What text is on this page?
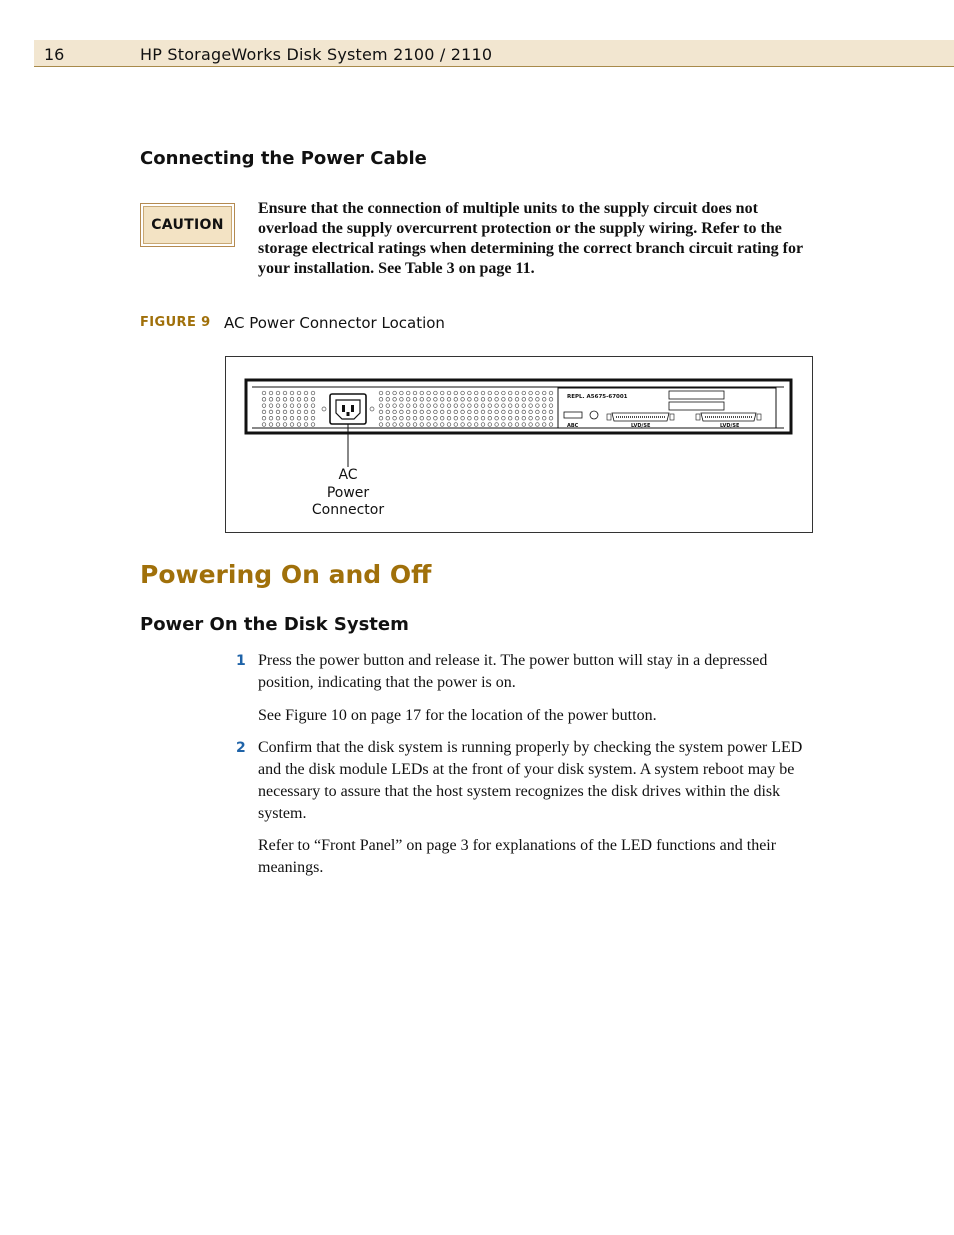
16	HP StorageWorks Disk System 2100 / 2110
Connecting the Power Cable
CAUTION
Ensure that the connection of multiple units to the supply circuit does not overload the supply overcurrent protection or the supply wiring. Refer to the storage electrical ratings when determining the correct branch circuit rating for your installation. See Table 3 on page 11.
FIGURE 9 AC Power Connector Location
REPL. A5675-67001
ABC	LVD/SE	LVD/SE
AC
Power
Connector
Powering On and Off
Power On the Disk System
1 Press the power button and release it. The power button will stay in a depressed position, indicating that the power is on.
See Figure 10 on page 17 for the location of the power button.
2 Confirm that the disk system is running properly by checking the system power LED and the disk module LEDs at the front of your disk system. A system reboot may be necessary to assure that the host system recognizes the disk drives within the disk system.
Refer to “Front Panel” on page 3 for explanations of the LED functions and their meanings.
